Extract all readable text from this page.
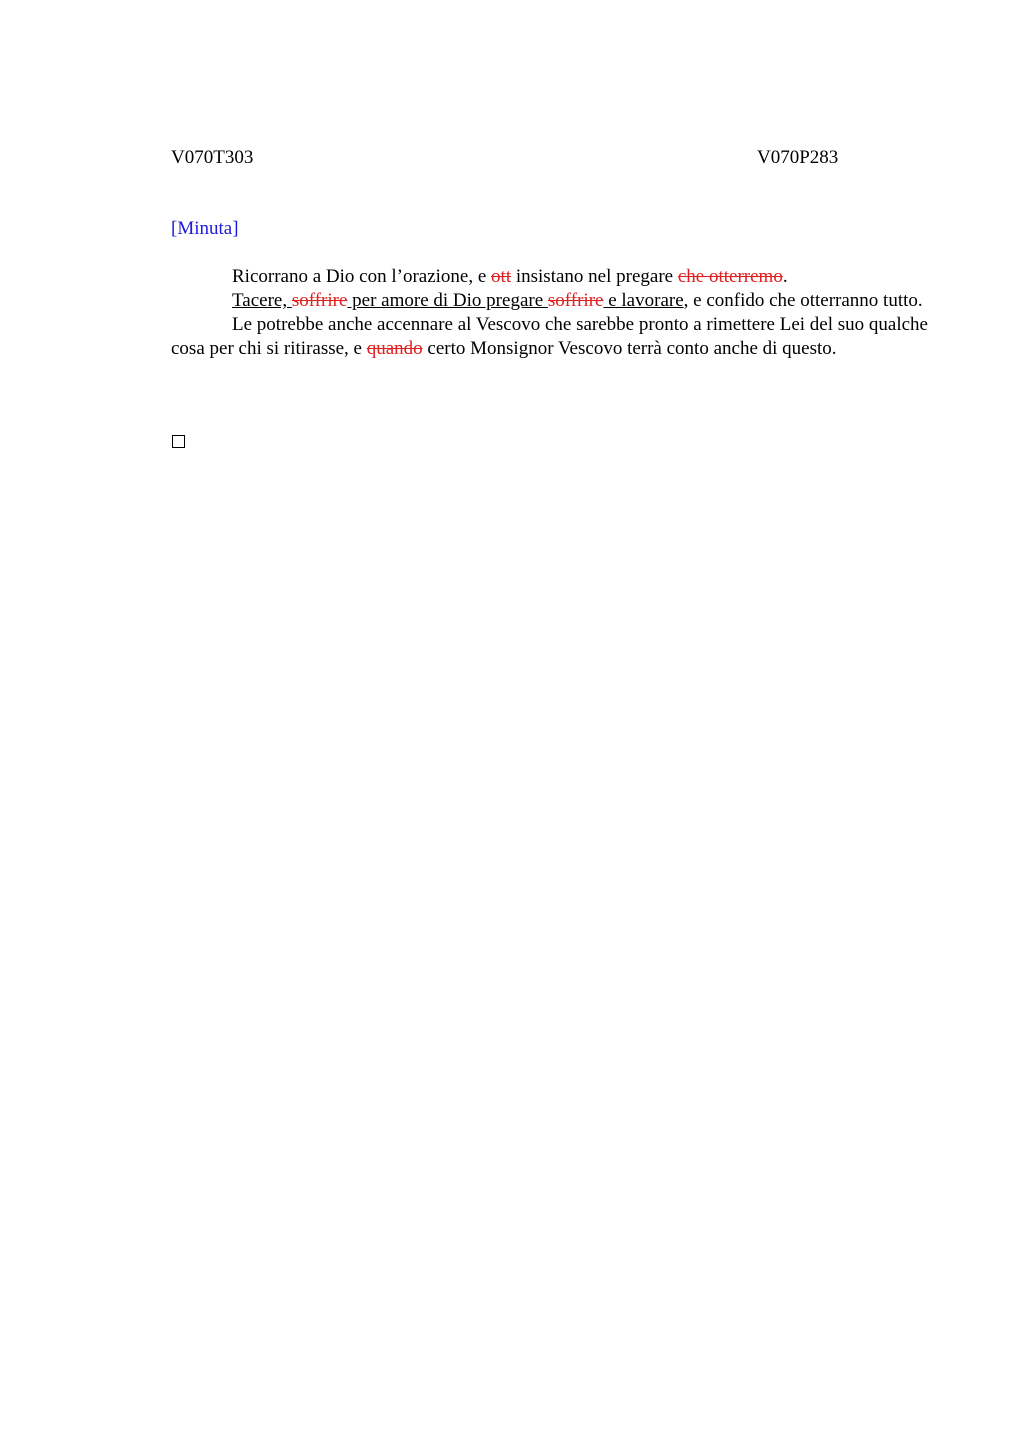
V070T303	V070P283
[Minuta]

Ricorrano a Dio con l’orazione, e ott insistano nel pregare che otterremo.

Tacere, soffrire per amore di Dio pregare soffrire e lavorare, e confido che otterranno tutto.

Le potrebbe anche accennare al Vescovo che sarebbe pronto a rimettere Lei del suo qualche cosa per chi si ritirasse, e quando certo Monsignor Vescovo terrà conto anche di questo.
